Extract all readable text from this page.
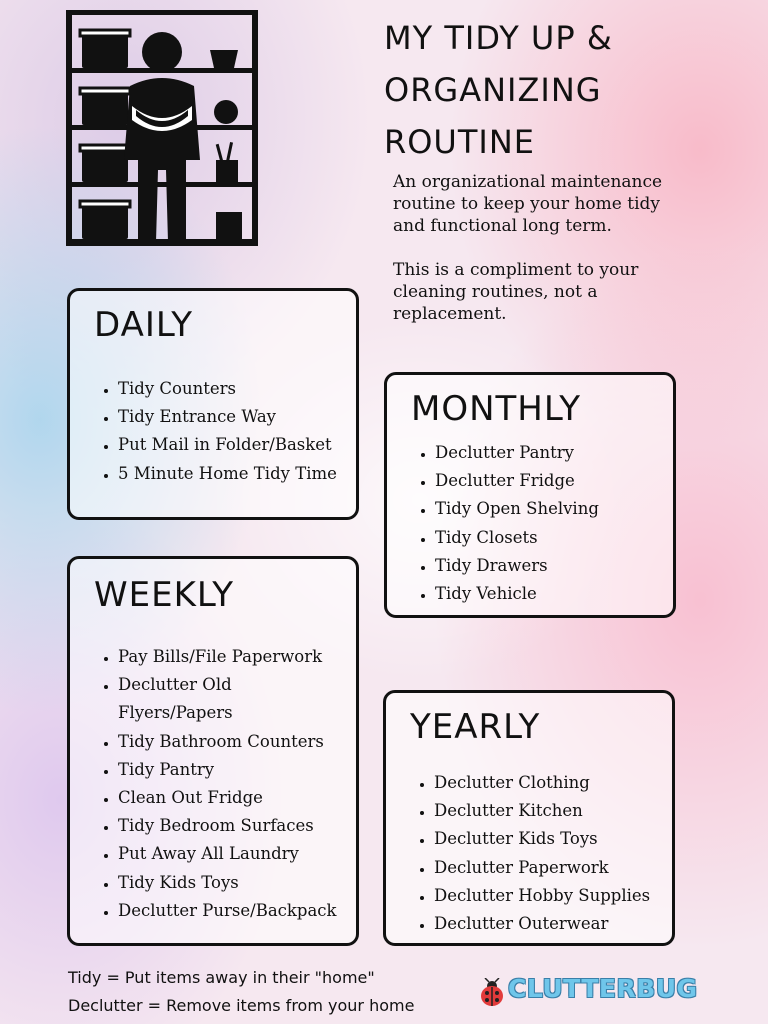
MY TIDY UP &
ORGANIZING
ROUTINE

An organizational maintenance routine to keep your home tidy and functional long term.

This is a compliment to your cleaning routines, not a replacement.

DAILY
• Tidy Counters
• Tidy Entrance Way
• Put Mail in Folder/Basket
• 5 Minute Home Tidy Time
MONTHLY
• Declutter Pantry
• Declutter Fridge
• Tidy Open Shelving
• Tidy Closets
• Tidy Drawers
• Tidy Vehicle
WEEKLY
• Pay Bills/File Paperwork
• Declutter Old Flyers/Papers
• Tidy Bathroom Counters
• Tidy Pantry
• Clean Out Fridge
• Tidy Bedroom Surfaces
• Put Away All Laundry
• Tidy Kids Toys
• Declutter Purse/Backpack
YEARLY
• Declutter Clothing
• Declutter Kitchen
• Declutter Kids Toys
• Declutter Paperwork
• Declutter Hobby Supplies
• Declutter Outerwear
Tidy = Put items away in their "home"
Declutter = Remove items from your home
CLUTTERBUG
